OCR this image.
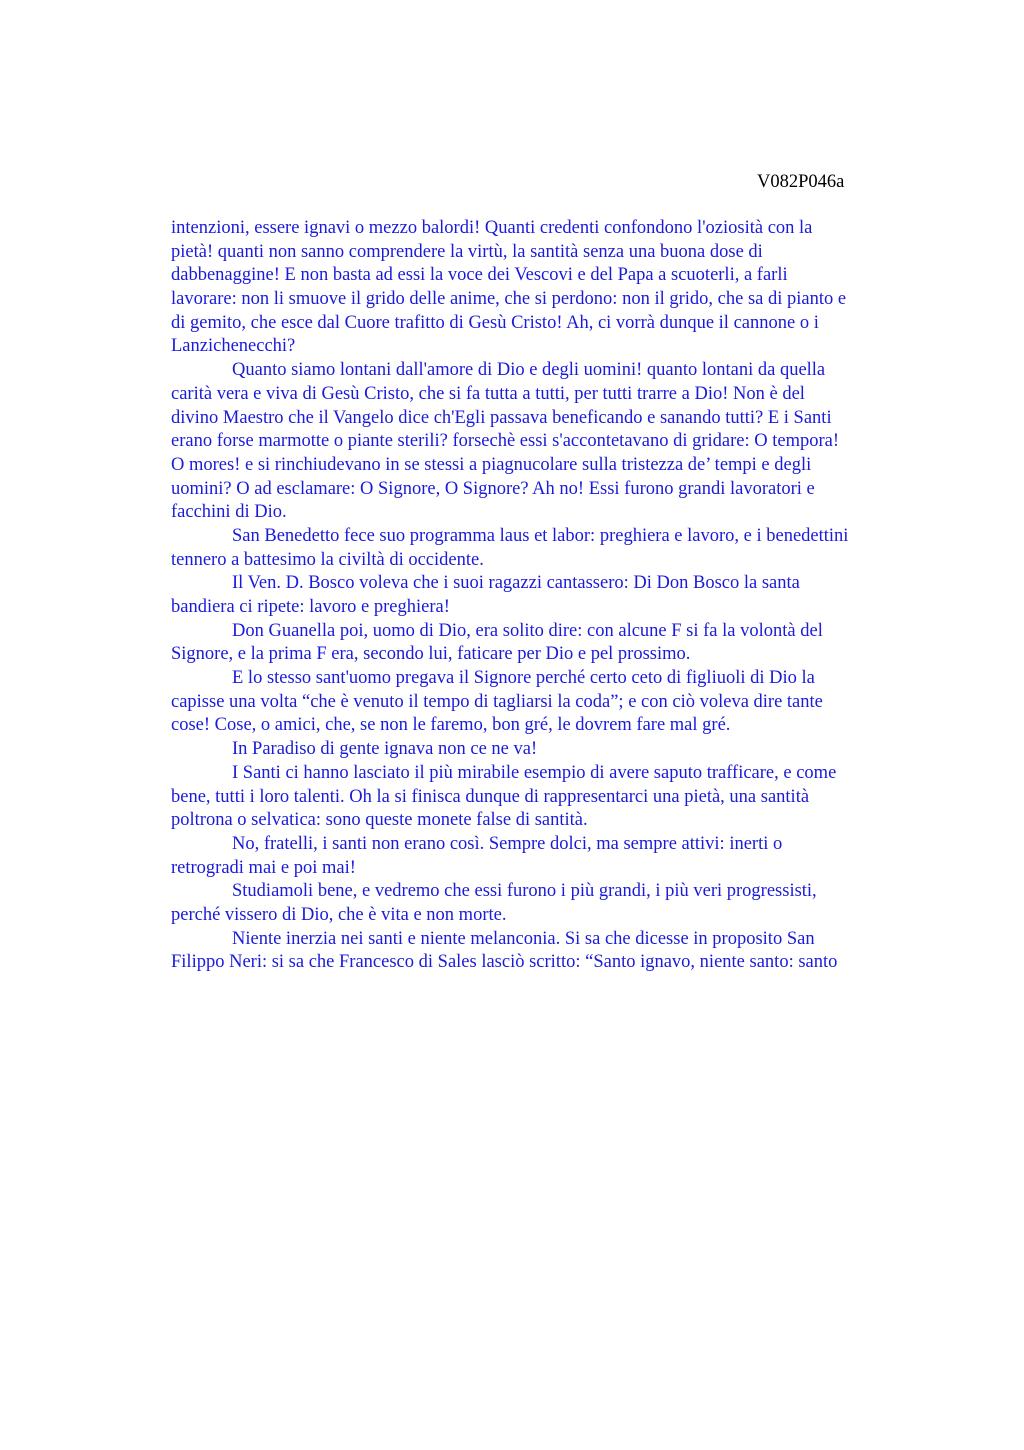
V082P046a
intenzioni, essere ignavi o mezzo balordi! Quanti credenti confondono l'oziosità con la
pietà! quanti non sanno comprendere la virtù, la santità senza una buona dose di
dabbenaggine! E non basta ad essi la voce dei Vescovi e del Papa a scuoterli, a farli
lavorare: non li smuove il grido delle anime, che si perdono: non il grido, che sa di pianto e
di gemito, che esce dal Cuore trafitto di Gesù Cristo! Ah, ci vorrà dunque il cannone o i
Lanzichenecchi?
Quanto siamo lontani dall'amore di Dio e degli uomini! quanto lontani da quella
carità vera e viva di Gesù Cristo, che si fa tutta a tutti, per tutti trarre a Dio! Non è del
divino Maestro che il Vangelo dice ch'Egli passava beneficando e sanando tutti? E i Santi
erano forse marmotte o piante sterili? forsechè essi s'accontetavano di gridare: O tempora!
O mores! e si rinchiudevano in se stessi a piagnucolare sulla tristezza de’ tempi e degli
uomini? O ad esclamare: O Signore, O Signore? Ah no! Essi furono grandi lavoratori e
facchini di Dio.
San Benedetto fece suo programma laus et labor: preghiera e lavoro, e i benedettini
tennero a battesimo la civiltà di occidente.
Il Ven. D. Bosco voleva che i suoi ragazzi cantassero: Di Don Bosco la santa
bandiera ci ripete: lavoro e preghiera!
Don Guanella poi, uomo di Dio, era solito dire: con alcune F si fa la volontà del
Signore, e la prima F era, secondo lui, faticare per Dio e pel prossimo.
E lo stesso sant'uomo pregava il Signore perché certo ceto di figliuoli di Dio la
capisse una volta “che è venuto il tempo di tagliarsi la coda”; e con ciò voleva dire tante
cose! Cose, o amici, che, se non le faremo, bon gré, le dovrem fare mal gré.
In Paradiso di gente ignava non ce ne va!
I Santi ci hanno lasciato il più mirabile esempio di avere saputo trafficare, e come
bene, tutti i loro talenti. Oh la si finisca dunque di rappresentarci una pietà, una santità
poltrona o selvatica: sono queste monete false di santità.
No, fratelli, i santi non erano così. Sempre dolci, ma sempre attivi: inerti o
retrogradi mai e poi mai!
Studiamoli bene, e vedremo che essi furono i più grandi, i più veri progressisti,
perché vissero di Dio, che è vita e non morte.
Niente inerzia nei santi e niente melanconia. Si sa che dicesse in proposito San
Filippo Neri: si sa che Francesco di Sales lasciò scritto: “Santo ignavo, niente santo: santo
